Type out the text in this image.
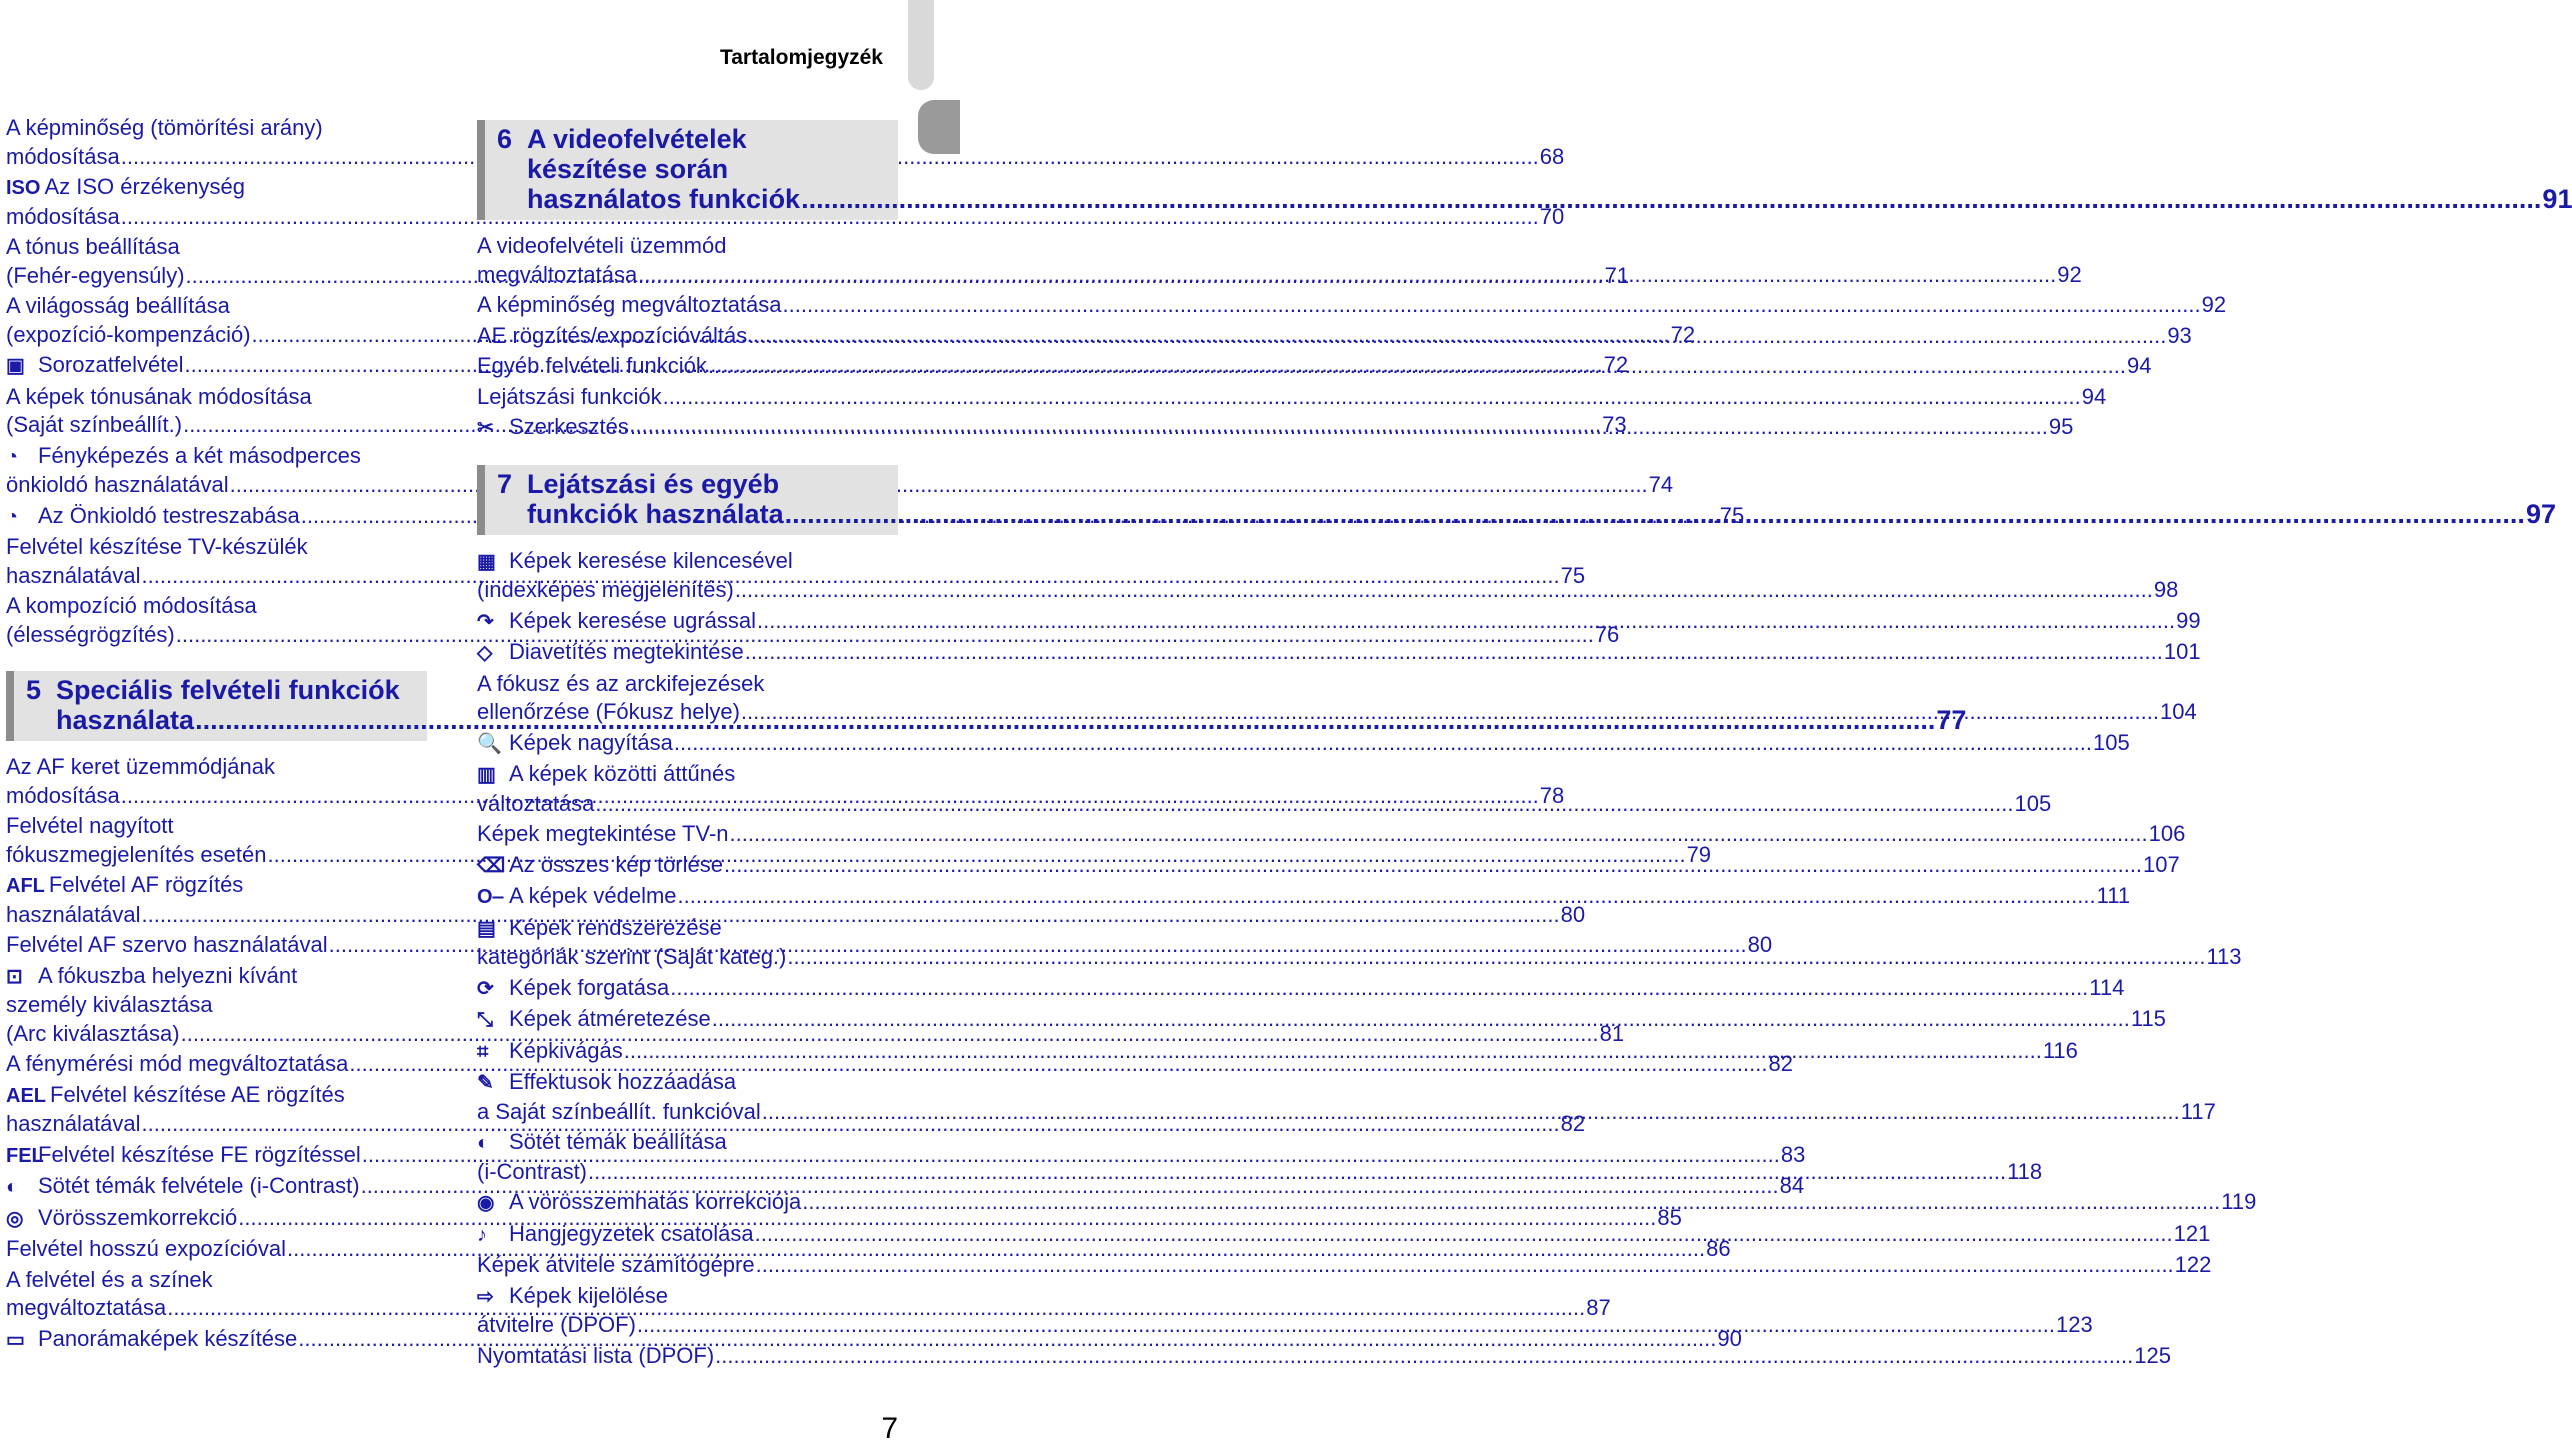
Tartalomjegyzék
A képminőség (tömörítési arány)
módosítása .....	68
ISO Az ISO érzékenység
módosítása .....	70
A tónus beállítása
(Fehér-egyensúly) .....	71
A világosság beállítása
(expozíció-kompenzáció) .....	72
▣ Sorozatfelvétel .....	72
A képek tónusának módosítása
(Saját színbeállít.) .....	73
◔ Fényképezés a két másodperces
önkioldó használatával .....	74
◔ Az Önkioldó testreszabása .....	75
Felvétel készítése TV-készülék
használatával .....	75
A kompozíció módosítása
(élességrögzítés) .....	76
5 Speciális felvételi funkciók
használata .....	77
Az AF keret üzemmódjának
módosítása .....	78
Felvétel nagyított
fókuszmegjelenítés esetén .....	79
AFL Felvétel AF rögzítés
használatával .....	80
Felvétel AF szervo használatával .....	80
⊡ A fókuszba helyezni kívánt
személy kiválasztása
(Arc kiválasztása) .....	81
A fénymérési mód megváltoztatása .....	82
AEL Felvétel készítése AE rögzítés
használatával .....	82
FEL
Felvétel készítése FE rögzítéssel .....	83
◐ Sötét témák felvétele (i-Contrast) .....	84
◎ Vörösszemkorrekció .....	85
Felvétel hosszú expozícióval .....	86
A felvétel és a színek
megváltoztatása .....	87
▭ Panorámaképek készítése .....	90
6 A videofelvételek
készítése során
használatos funkciók .....	91
A videofelvételi üzemmód
megváltoztatása .....	92
A képminőség megváltoztatása .....	92
AE rögzítés/expozícióváltás .....	93
Egyéb felvételi funkciók .....	94
Lejátszási funkciók .....	94
✂ Szerkesztés .....	95
7 Lejátszási és egyéb
funkciók használata .....	97
▦ Képek keresése kilencesével
(indexképes megjelenítés) .....	98
↷ Képek keresése ugrással .....	99
◇ Diavetítés megtekintése .....	101
A fókusz és az arckifejezések
ellenőrzése (Fókusz helye) .....	104
🔍 Képek nagyítása .....	105
▥ A képek közötti áttűnés
változtatása .....	105
Képek megtekintése TV-n .....	106
⌫ Az összes kép törlése .....	107
O‒ A képek védelme .....	111
▤ Képek rendszerezése
kategóriák szerint (Saját kateg.) .....	113
⟳ Képek forgatása .....	114
⤡ Képek átméretezése .....	115
⌗ Képkivágás .....	116
✎ Effektusok hozzáadása
a Saját színbeállít. funkcióval .....	117
◐ Sötét témák beállítása
(i-Contrast) .....	118
◉ A vörösszemhatás korrekciója .....	119
♪	Hangjegyzetek csatolása .....	121
Képek átvitele számítógépre .....	122
⇨ Képek kijelölése
átvitelre (DPOF) .....	123
Nyomtatási lista (DPOF) .....	125
7
